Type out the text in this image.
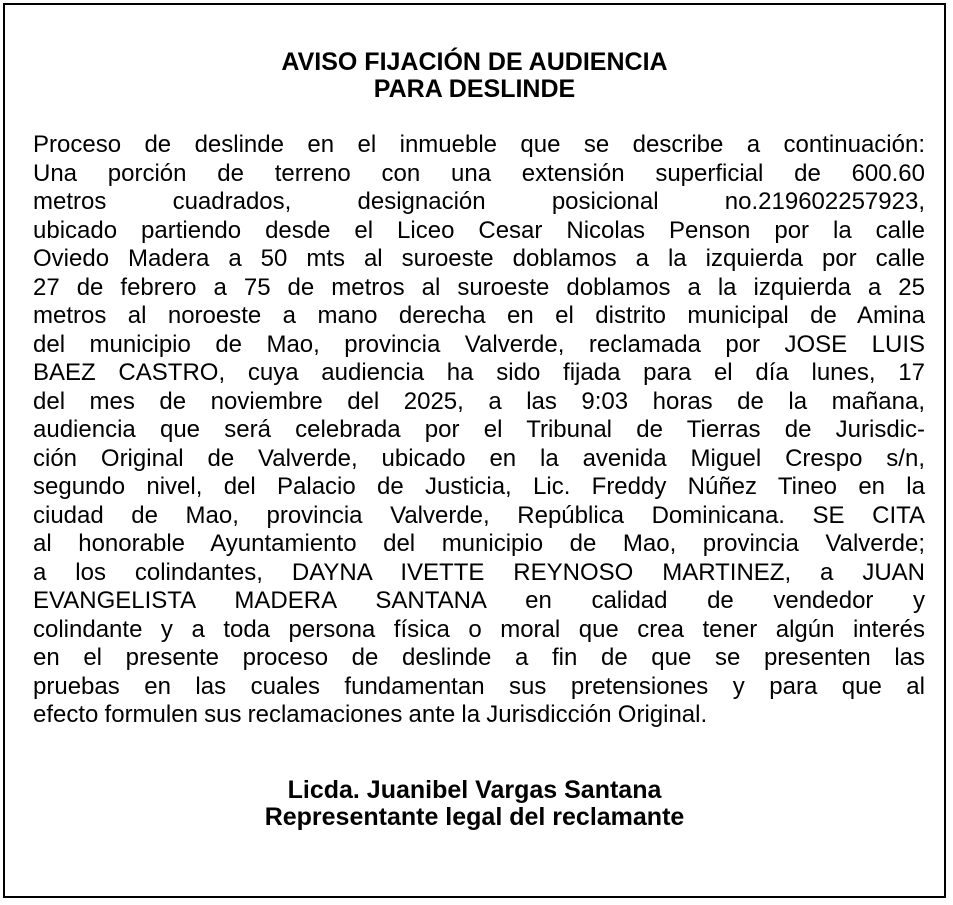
AVISO FIJACIÓN DE AUDIENCIA
PARA DESLINDE
Proceso de deslinde en el inmueble que se describe a continuación:
Una porción de terreno con una extensión superficial de 600.60
metros cuadrados, designación posicional no.219602257923,
ubicado partiendo desde el Liceo Cesar Nicolas Penson por la calle
Oviedo Madera a 50 mts al suroeste doblamos a la izquierda por calle
27 de febrero a 75 de metros al suroeste doblamos a la izquierda a 25
metros al noroeste a mano derecha en el distrito municipal de Amina
del municipio de Mao, provincia Valverde, reclamada por JOSE LUIS
BAEZ CASTRO, cuya audiencia ha sido fijada para el día lunes, 17
del mes de noviembre del 2025, a las 9:03 horas de la mañana,
audiencia que será celebrada por el Tribunal de Tierras de Jurisdic-
ción Original de Valverde, ubicado en la avenida Miguel Crespo s/n,
segundo nivel, del Palacio de Justicia, Lic. Freddy Núñez Tineo en la
ciudad de Mao, provincia Valverde, República Dominicana. SE CITA
al honorable Ayuntamiento del municipio de Mao, provincia Valverde;
a los colindantes, DAYNA IVETTE REYNOSO MARTINEZ, a JUAN
EVANGELISTA MADERA SANTANA en calidad de vendedor y
colindante y a toda persona física o moral que crea tener algún interés
en el presente proceso de deslinde a fin de que se presenten las
pruebas en las cuales fundamentan sus pretensiones y para que al
efecto formulen sus reclamaciones ante la Jurisdicción Original.
Licda. Juanibel Vargas Santana
Representante legal del reclamante
